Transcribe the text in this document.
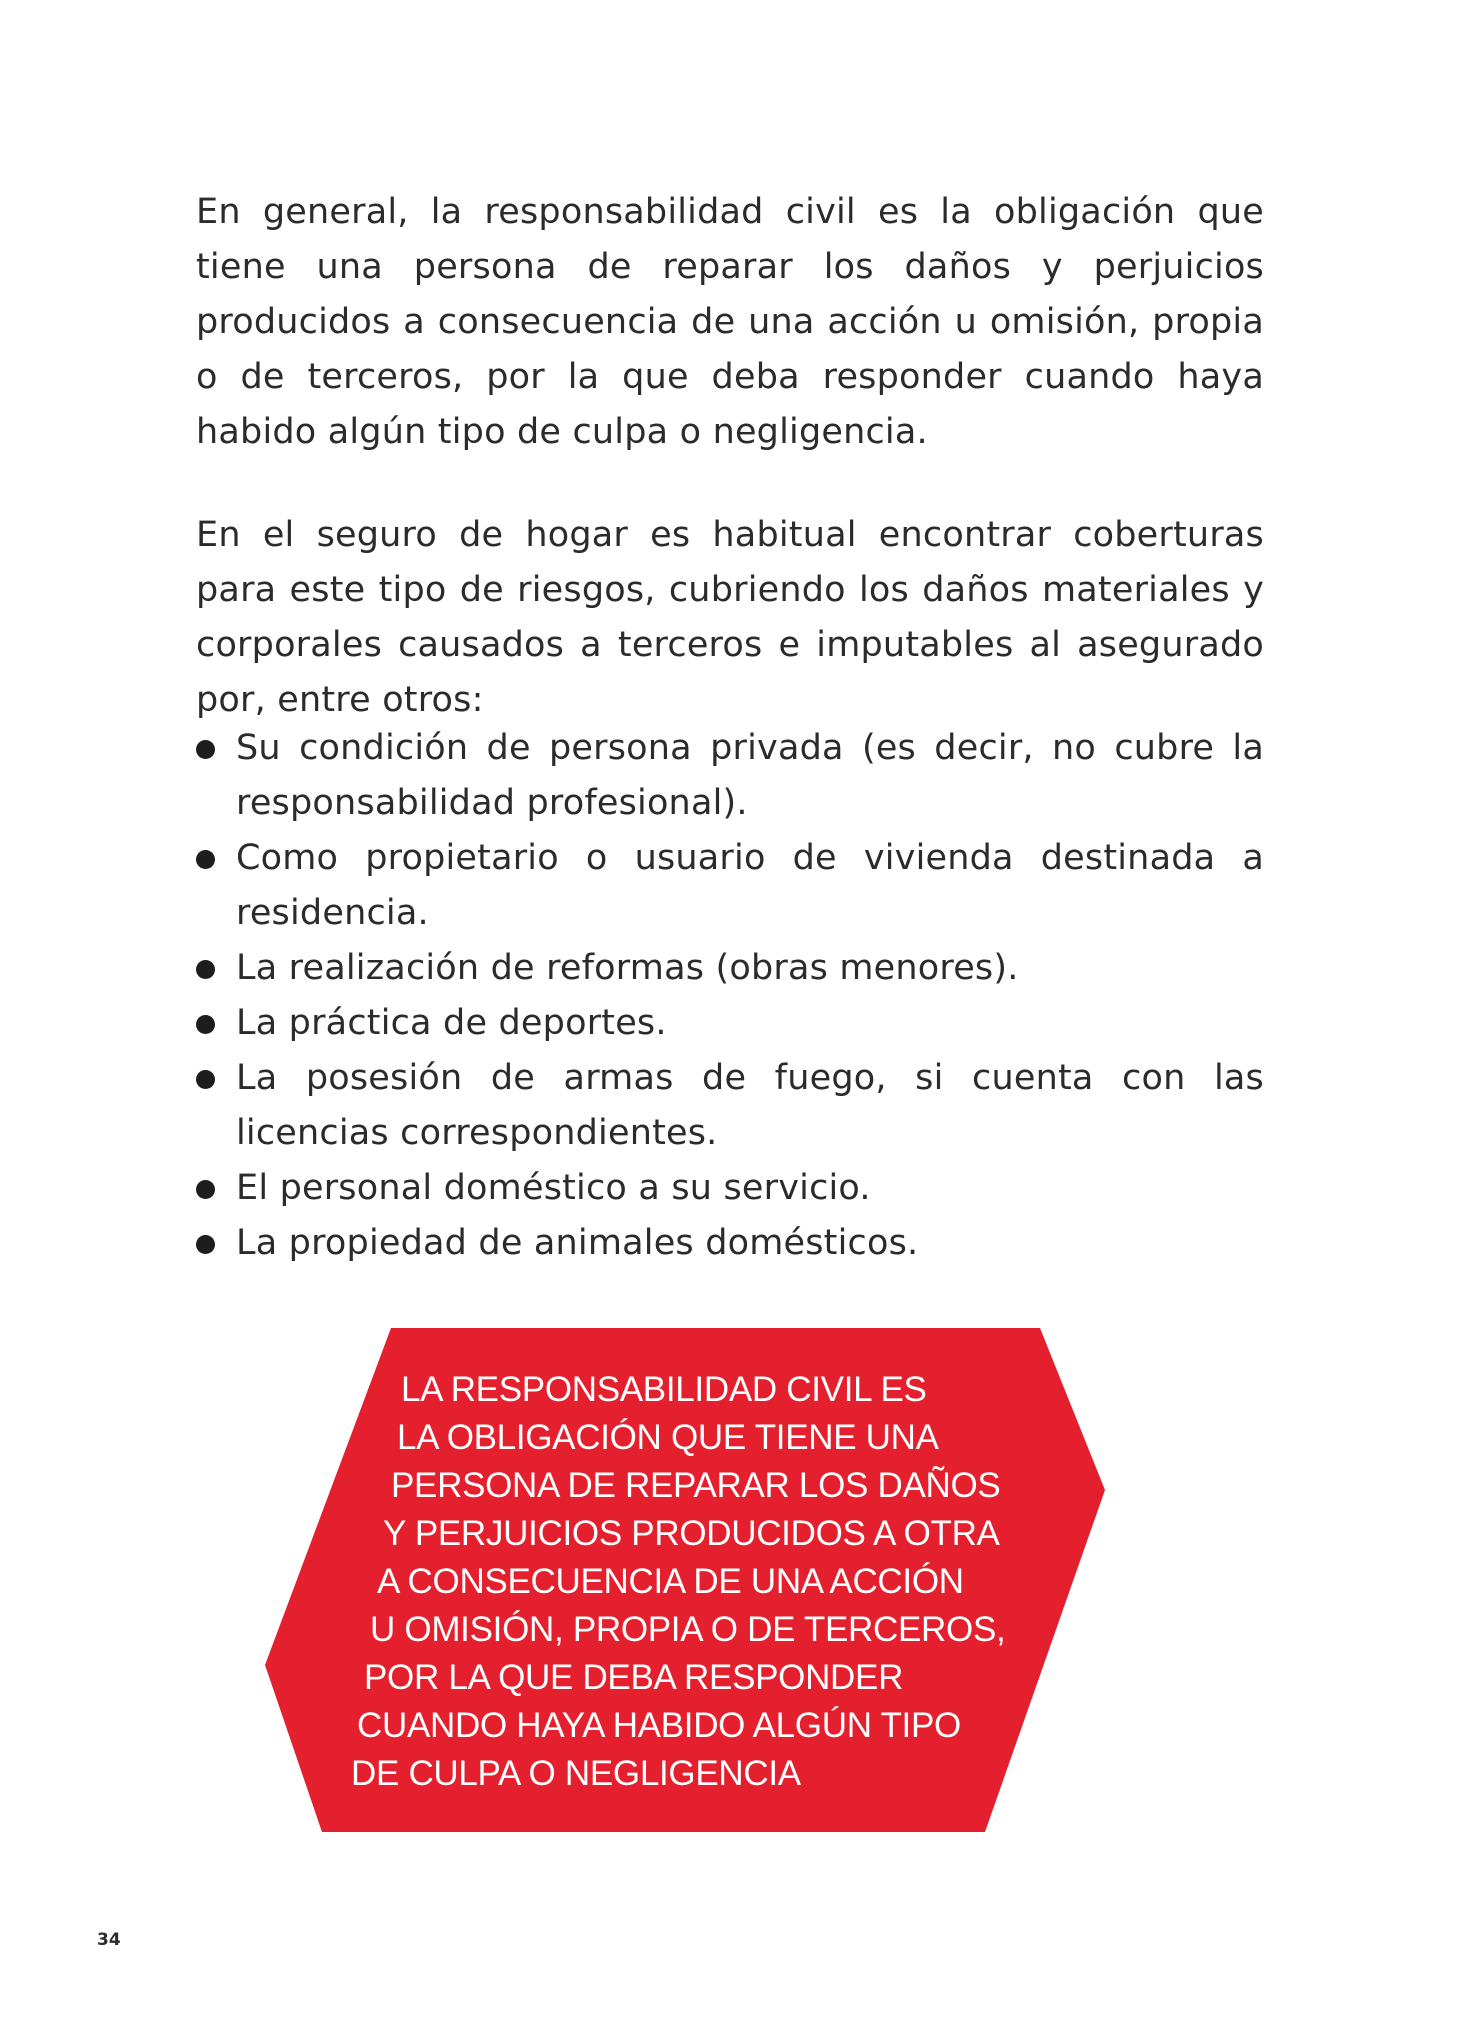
En general, la responsabilidad civil es la obligación que tiene una persona de reparar los daños y perjuicios producidos a consecuencia de una acción u omisión, propia o de terceros, por la que deba responder cuando haya habido algún tipo de culpa o negligencia.

En el seguro de hogar es habitual encontrar coberturas para este tipo de riesgos, cubriendo los daños materiales y corporales causados a terceros e imputables al asegurado por, entre otros:

Su condición de persona privada (es decir, no cubre la responsabilidad profesional).
Como propietario o usuario de vivienda destinada a residencia.
La realización de reformas (obras menores).
La práctica de deportes.
La posesión de armas de fuego, si cuenta con las licencias correspondientes.
El personal doméstico a su servicio.
La propiedad de animales domésticos.
LA RESPONSABILIDAD CIVIL ES
LA OBLIGACIÓN QUE TIENE UNA
PERSONA DE REPARAR LOS DAÑOS
Y PERJUICIOS PRODUCIDOS A OTRA
A CONSECUENCIA DE UNA ACCIÓN
U OMISIÓN, PROPIA O DE TERCEROS,
POR LA QUE DEBA RESPONDER
CUANDO HAYA HABIDO ALGÚN TIPO
DE CULPA O NEGLIGENCIA
34
